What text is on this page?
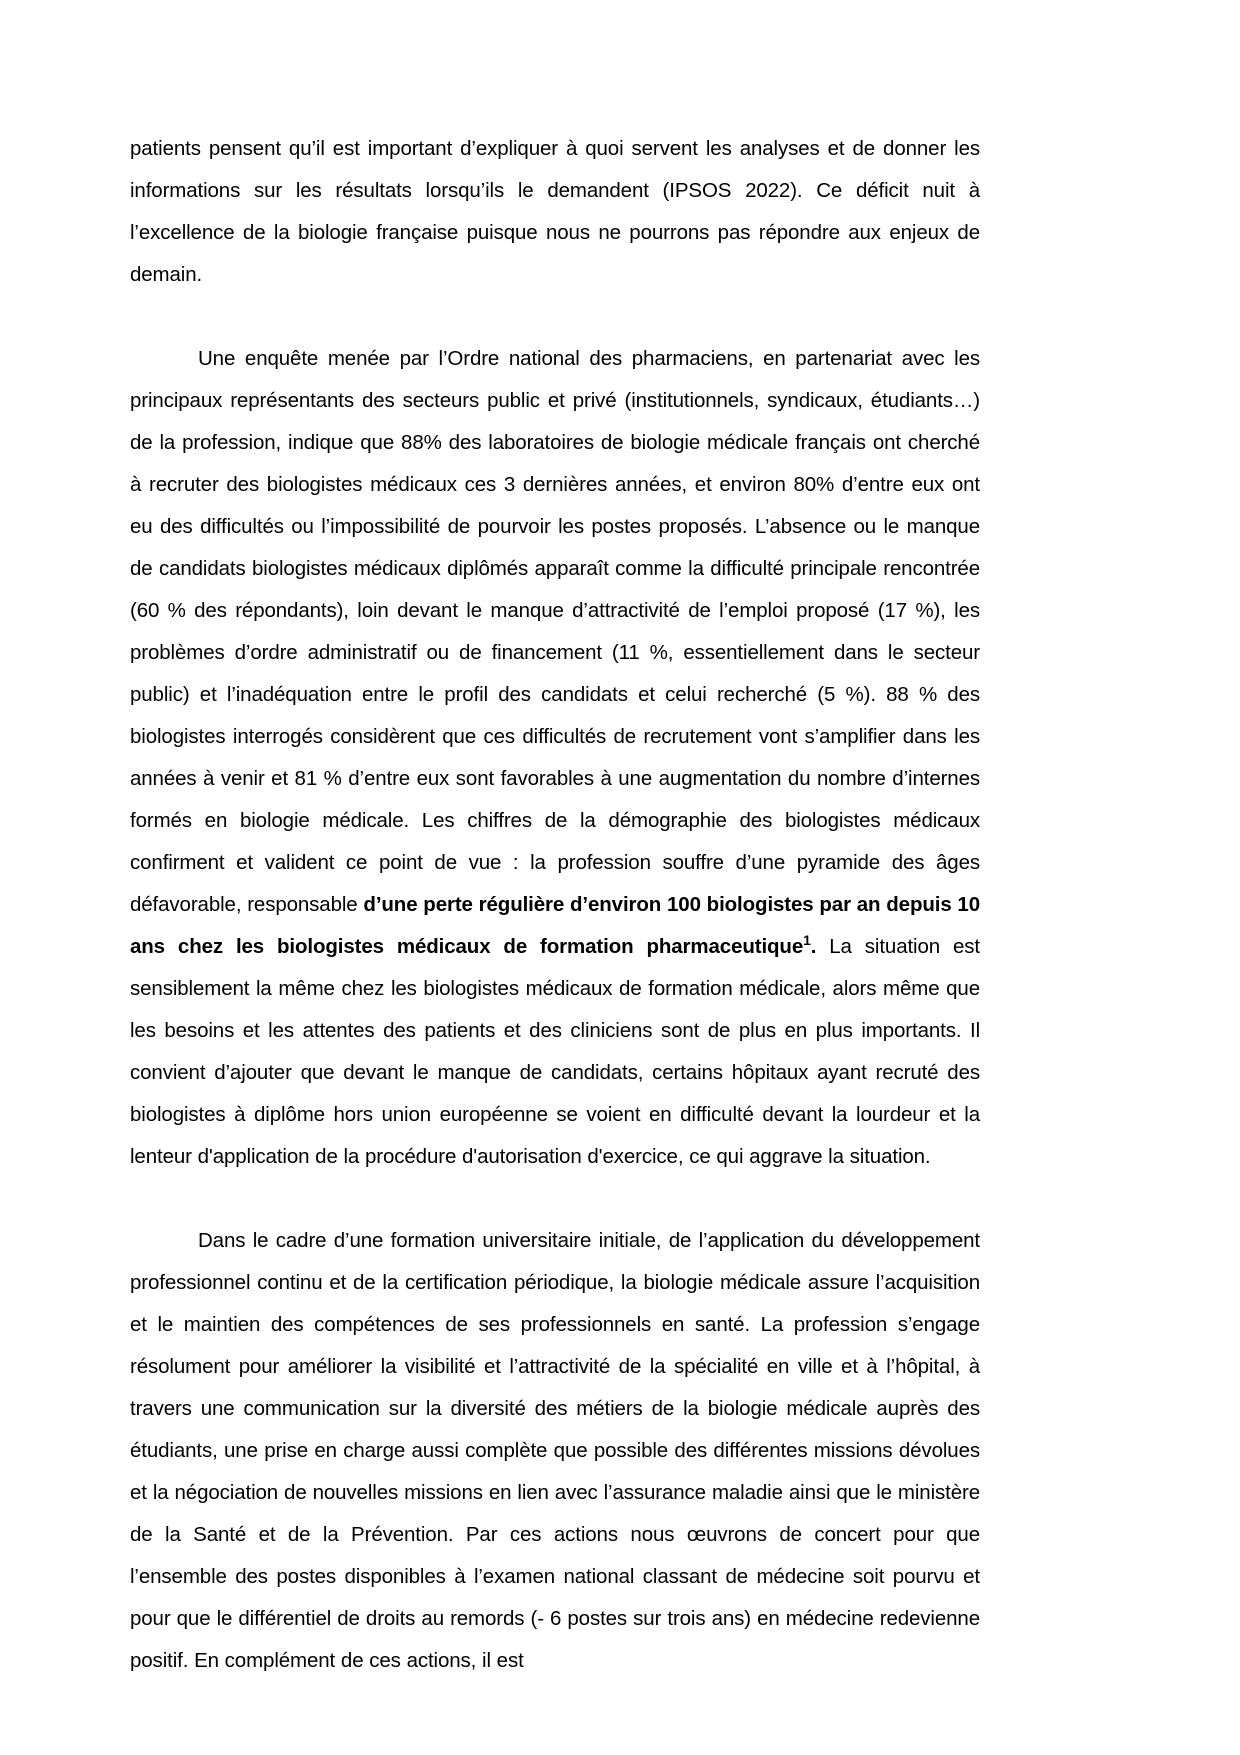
patients pensent qu’il est important d’expliquer à quoi servent les analyses et de donner les informations sur les résultats lorsqu’ils le demandent (IPSOS 2022). Ce déficit nuit à l’excellence de la biologie française puisque nous ne pourrons pas répondre aux enjeux de demain.

Une enquête menée par l’Ordre national des pharmaciens, en partenariat avec les principaux représentants des secteurs public et privé (institutionnels, syndicaux, étudiants…) de la profession, indique que 88% des laboratoires de biologie médicale français ont cherché à recruter des biologistes médicaux ces 3 dernières années, et environ 80% d’entre eux ont eu des difficultés ou l’impossibilité de pourvoir les postes proposés. L’absence ou le manque de candidats biologistes médicaux diplômés apparaît comme la difficulté principale rencontrée (60 % des répondants), loin devant le manque d’attractivité de l’emploi proposé (17 %), les problèmes d’ordre administratif ou de financement (11 %, essentiellement dans le secteur public) et l’inadéquation entre le profil des candidats et celui recherché (5 %). 88 % des biologistes interrogés considèrent que ces difficultés de recrutement vont s’amplifier dans les années à venir et 81 % d’entre eux sont favorables à une augmentation du nombre d’internes formés en biologie médicale. Les chiffres de la démographie des biologistes médicaux confirment et valident ce point de vue : la profession souffre d’une pyramide des âges défavorable, responsable d’une perte régulière d’environ 100 biologistes par an depuis 10 ans chez les biologistes médicaux de formation pharmaceutique$^1$. La situation est sensiblement la même chez les biologistes médicaux de formation médicale, alors même que les besoins et les attentes des patients et des cliniciens sont de plus en plus importants. Il convient d’ajouter que devant le manque de candidats, certains hôpitaux ayant recruté des biologistes à diplôme hors union européenne se voient en difficulté devant la lourdeur et la lenteur d'application de la procédure d'autorisation d'exercice, ce qui aggrave la situation.

Dans le cadre d’une formation universitaire initiale, de l’application du développement professionnel continu et de la certification périodique, la biologie médicale assure l’acquisition et le maintien des compétences de ses professionnels en santé. La profession s’engage résolument pour améliorer la visibilité et l’attractivité de la spécialité en ville et à l’hôpital, à travers une communication sur la diversité des métiers de la biologie médicale auprès des étudiants, une prise en charge aussi complète que possible des différentes missions dévolues et la négociation de nouvelles missions en lien avec l’assurance maladie ainsi que le ministère de la Santé et de la Prévention. Par ces actions nous œuvrons de concert pour que l’ensemble des postes disponibles à l’examen national classant de médecine soit pourvu et pour que le différentiel de droits au remords (- 6 postes sur trois ans) en médecine redevienne positif. En complément de ces actions, il est
